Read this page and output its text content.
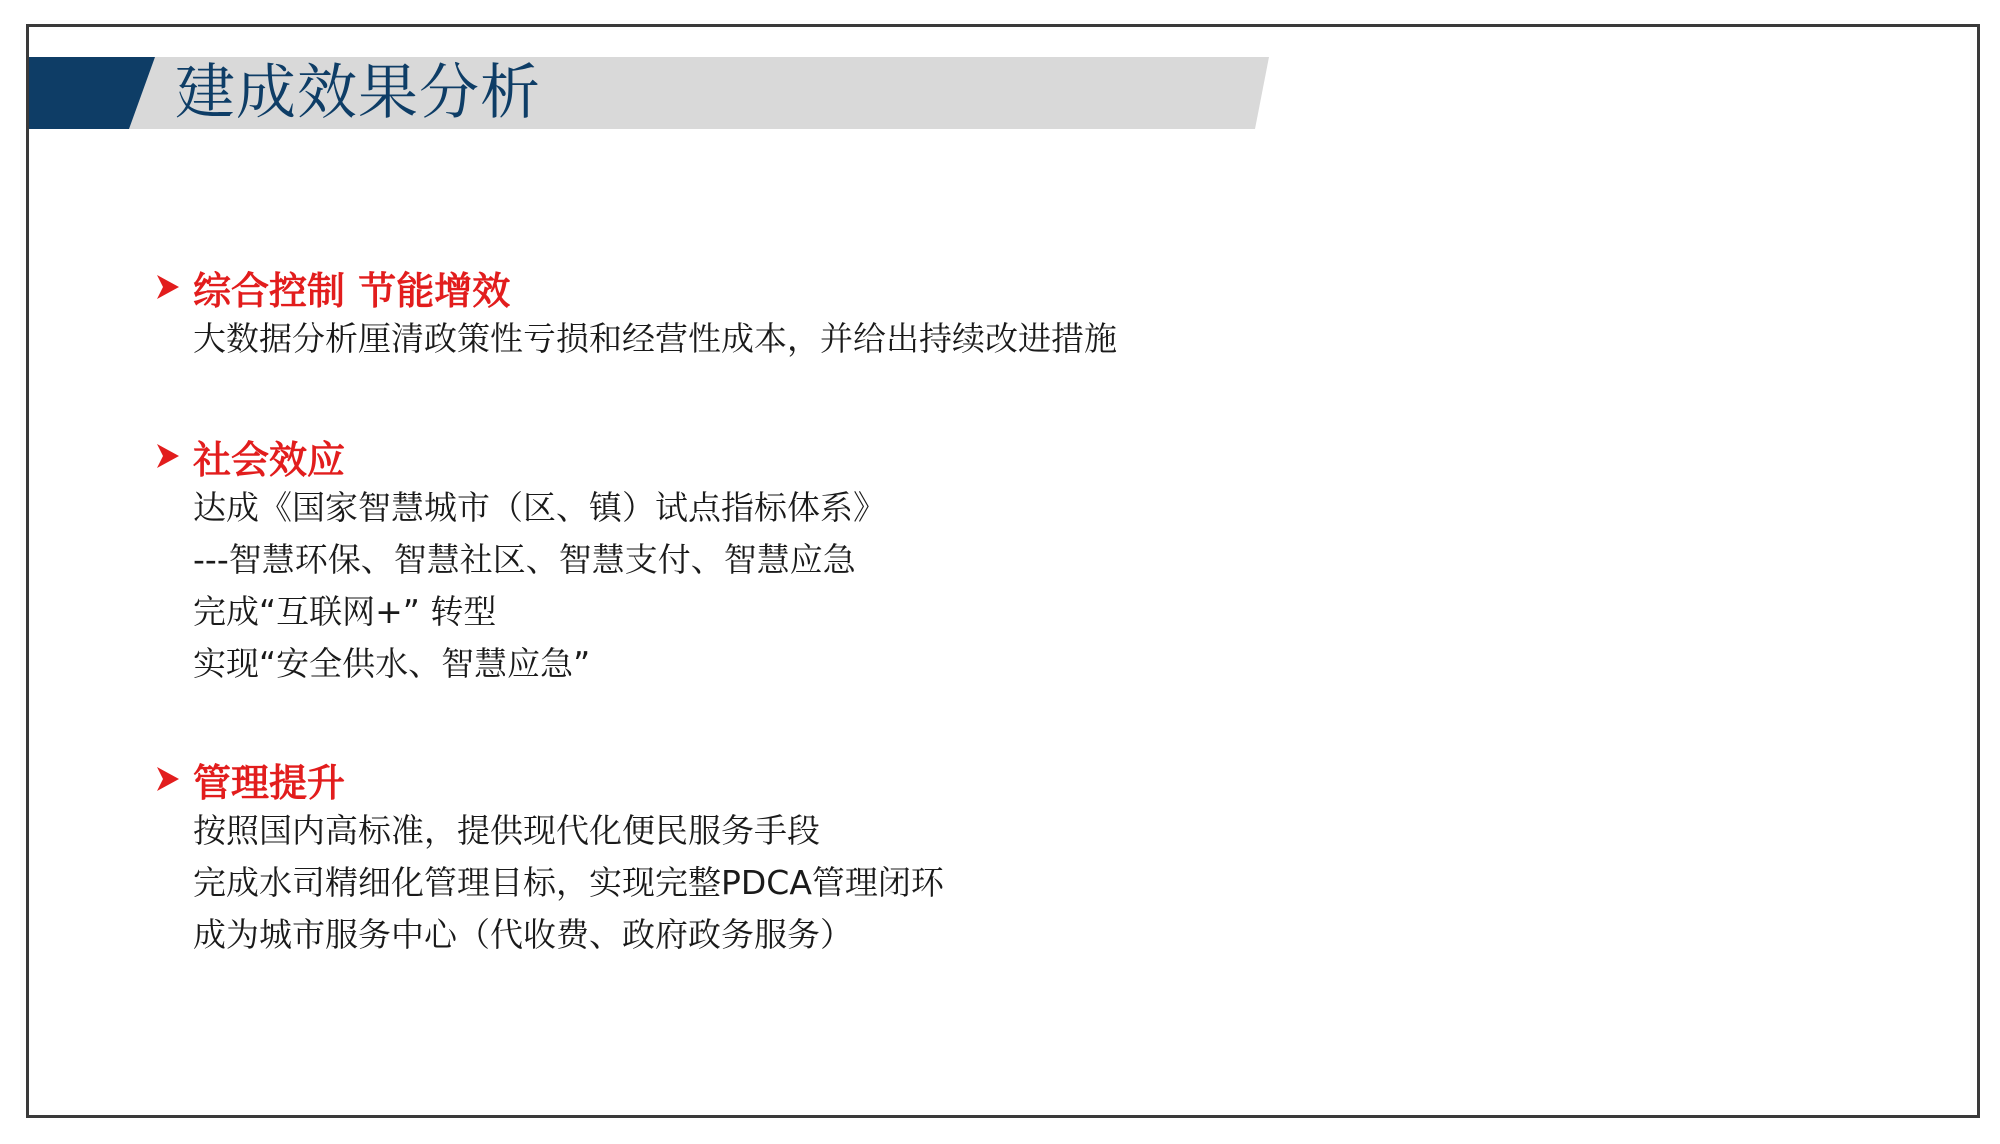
建成效果分析
综合控制 节能增效
大数据分析厘清政策性亏损和经营性成本，并给出持续改进措施
社会效应
达成《国家智慧城市（区、镇）试点指标体系》
---智慧环保、智慧社区、智慧支付、智慧应急
完成“互联网+” 转型
实现“安全供水、智慧应急”
管理提升
按照国内高标准，提供现代化便民服务手段
完成水司精细化管理目标，实现完整PDCA管理闭环
成为城市服务中心（代收费、政府政务服务）
